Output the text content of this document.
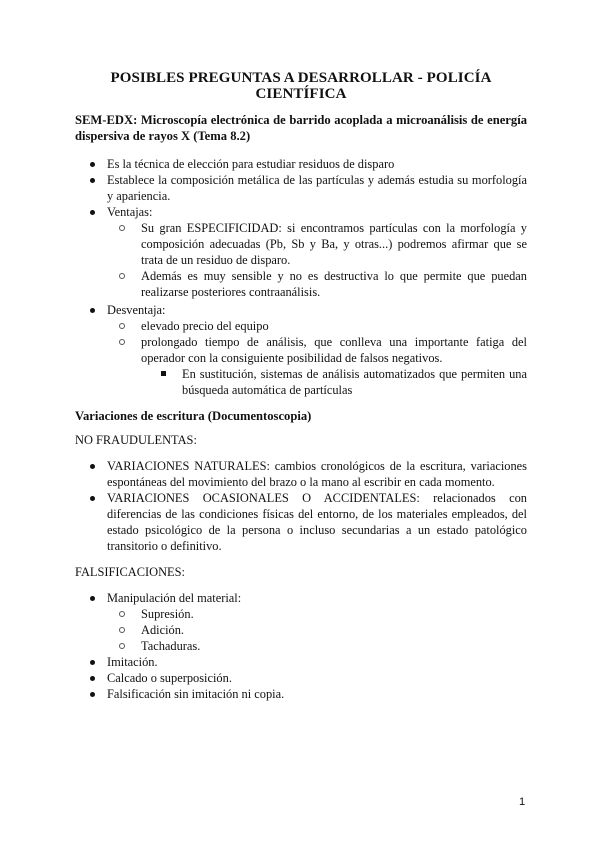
POSIBLES PREGUNTAS A DESARROLLAR - POLICÍA CIENTÍFICA
SEM-EDX: Microscopía electrónica de barrido acoplada a microanálisis de energía dispersiva de rayos X (Tema 8.2)
Es la técnica de elección para estudiar residuos de disparo
Establece la composición metálica de las partículas y además estudia su morfología y apariencia.
Ventajas:
Su gran ESPECIFICIDAD: si encontramos partículas con la morfología y composición adecuadas (Pb, Sb y Ba, y otras...) podremos afirmar que se trata de un residuo de disparo.
Además es muy sensible y no es destructiva lo que permite que puedan realizarse posteriores contraanálisis.
Desventaja:
elevado precio del equipo
prolongado tiempo de análisis, que conlleva una importante fatiga del operador con la consiguiente posibilidad de falsos negativos.
En sustitución, sistemas de análisis automatizados que permiten una búsqueda automática de partículas
Variaciones de escritura (Documentoscopia)

NO FRAUDULENTAS:

VARIACIONES NATURALES: cambios cronológicos de la escritura, variaciones espontáneas del movimiento del brazo o la mano al escribir en cada momento.
VARIACIONES OCASIONALES O ACCIDENTALES: relacionados con diferencias de las condiciones físicas del entorno, de los materiales empleados, del estado psicológico de la persona o incluso secundarias a un estado patológico transitorio o definitivo.

FALSIFICACIONES:

Manipulación del material:
Supresión.
Adición.
Tachaduras.
Imitación.
Calcado o superposición.
Falsificación sin imitación ni copia.
1
